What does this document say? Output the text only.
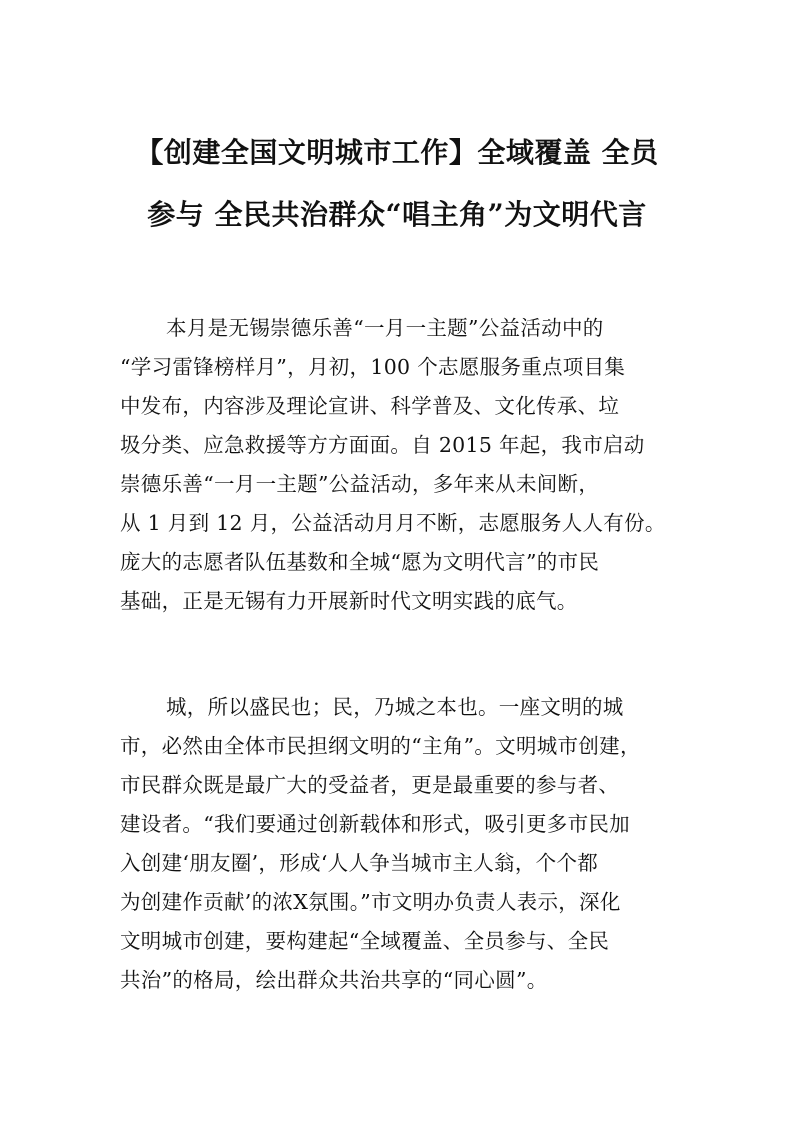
【创建全国文明城市工作】全域覆盖 全员
参与 全民共治群众“唱主角”为文明代言
本月是无锡崇德乐善“一月一主题”公益活动中的
“学习雷锋榜样月”，月初，100 个志愿服务重点项目集
中发布，内容涉及理论宣讲、科学普及、文化传承、垃
圾分类、应急救援等方方面面。自 2015 年起，我市启动
崇德乐善“一月一主题”公益活动，多年来从未间断，
从 1 月到 12 月，公益活动月月不断，志愿服务人人有份。
庞大的志愿者队伍基数和全城“愿为文明代言”的市民
基础，正是无锡有力开展新时代文明实践的底气。
城，所以盛民也；民，乃城之本也。一座文明的城
市，必然由全体市民担纲文明的“主角”。文明城市创建，
市民群众既是最广大的受益者，更是最重要的参与者、
建设者。“我们要通过创新载体和形式，吸引更多市民加
入创建‘朋友圈’，形成‘人人争当城市主人翁，个个都
为创建作贡献’的浓X氛围。”市文明办负责人表示，深化
文明城市创建，要构建起“全域覆盖、全员参与、全民
共治”的格局，绘出群众共治共享的“同心圆”。
